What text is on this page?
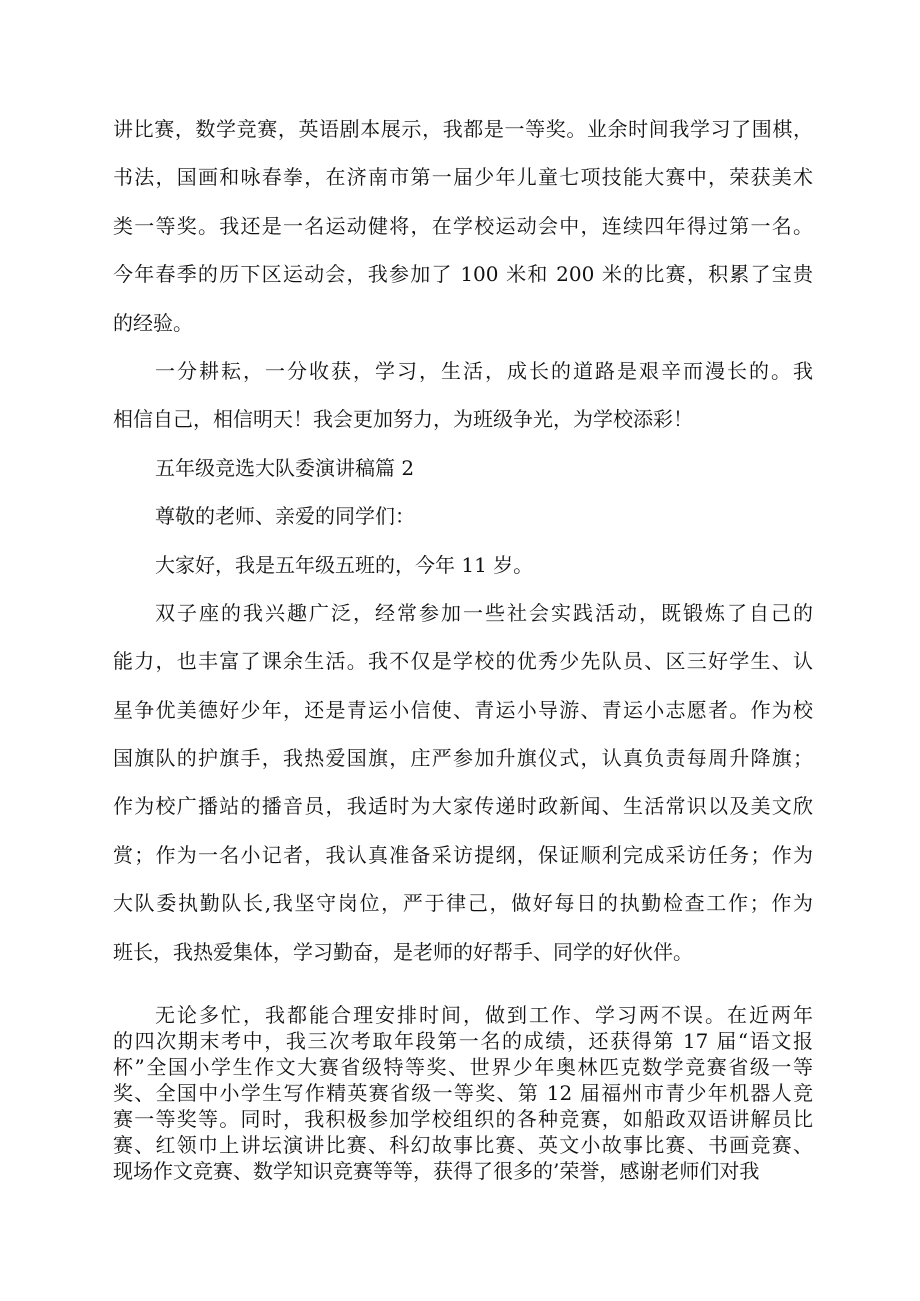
讲比赛，数学竞赛，英语剧本展示，我都是一等奖。业余时间我学习了围棋，
书法，国画和咏春拳，在济南市第一届少年儿童七项技能大赛中，荣获美术
类一等奖。我还是一名运动健将，在学校运动会中，连续四年得过第一名。
今年春季的历下区运动会，我参加了 100 米和 200 米的比赛，积累了宝贵
的经验。
一分耕耘，一分收获，学习，生活，成长的道路是艰辛而漫长的。我
相信自己，相信明天！我会更加努力，为班级争光，为学校添彩！
五年级竞选大队委演讲稿篇 2
尊敬的老师、亲爱的同学们：
大家好，我是五年级五班的，今年 11 岁。
双子座的我兴趣广泛，经常参加一些社会实践活动，既锻炼了自己的
能力，也丰富了课余生活。我不仅是学校的优秀少先队员、区三好学生、认
星争优美德好少年，还是青运小信使、青运小导游、青运小志愿者。作为校
国旗队的护旗手，我热爱国旗，庄严参加升旗仪式，认真负责每周升降旗；
作为校广播站的播音员，我适时为大家传递时政新闻、生活常识以及美文欣
赏；作为一名小记者，我认真准备采访提纲，保证顺利完成采访任务；作为
大队委执勤队长,我坚守岗位，严于律己，做好每日的执勤检查工作；作为
班长，我热爱集体，学习勤奋，是老师的好帮手、同学的好伙伴。
无论多忙，我都能合理安排时间，做到工作、学习两不误。在近两年
的四次期末考中，我三次考取年段第一名的成绩，还获得第 17 届“语文报
杯”全国小学生作文大赛省级特等奖、世界少年奥林匹克数学竞赛省级一等
奖、全国中小学生写作精英赛省级一等奖、第 12 届福州市青少年机器人竞
赛一等奖等。同时，我积极参加学校组织的各种竞赛，如船政双语讲解员比
赛、红领巾上讲坛演讲比赛、科幻故事比赛、英文小故事比赛、书画竞赛、
现场作文竞赛、数学知识竞赛等等，获得了很多的’荣誉，感谢老师们对我
